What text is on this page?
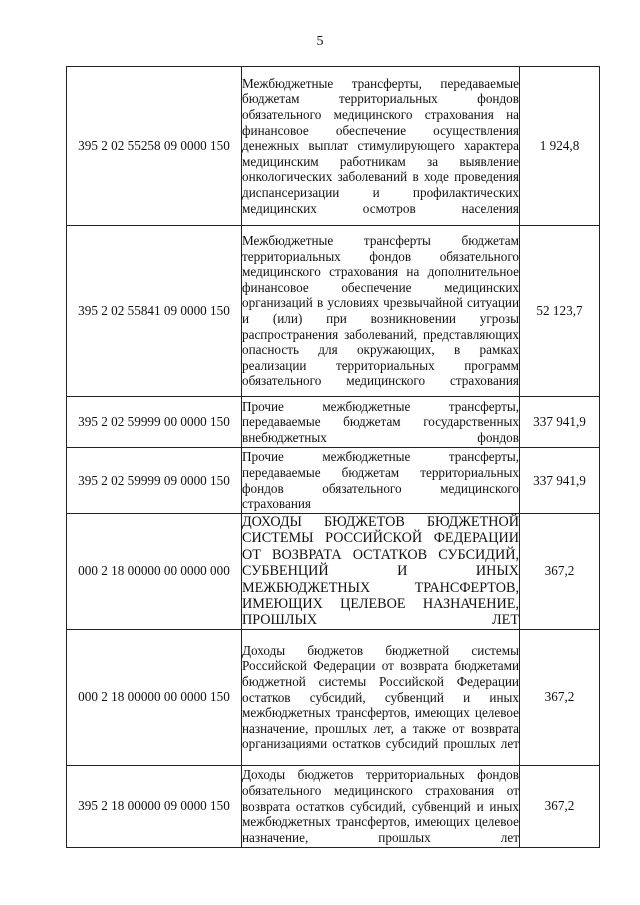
5
395 2 02 55258 09 0000 150	Межбюджетные трансферты, передаваемые бюджетам территориальных фондов обязательного медицинского страхования на финансовое обеспечение осуществления денежных выплат стимулирующего характера медицинским работникам за выявление онкологических заболеваний в ходе проведения диспансеризации и профилактических медицинских осмотров населения	1 924,8
395 2 02 55841 09 0000 150	Межбюджетные трансферты бюджетам территориальных фондов обязательного медицинского страхования на дополнительное финансовое обеспечение медицинских организаций в условиях чрезвычайной ситуации и (или) при возникновении угрозы распространения заболеваний, представляющих опасность для окружающих, в рамках реализации территориальных программ обязательного медицинского страхования	52 123,7
395 2 02 59999 00 0000 150	Прочие межбюджетные трансферты, передаваемые бюджетам государственных внебюджетных фондов	337 941,9
395 2 02 59999 09 0000 150	Прочие межбюджетные трансферты, передаваемые бюджетам территориальных фондов обязательного медицинского страхования	337 941,9
000 2 18 00000 00 0000 000	ДОХОДЫ БЮДЖЕТОВ БЮДЖЕТНОЙ СИСТЕМЫ РОССИЙСКОЙ ФЕДЕРАЦИИ ОТ ВОЗВРАТА ОСТАТКОВ СУБСИДИЙ, СУБВЕНЦИЙ И ИНЫХ МЕЖБЮДЖЕТНЫХ ТРАНСФЕРТОВ, ИМЕЮЩИХ ЦЕЛЕВОЕ НАЗНАЧЕНИЕ, ПРОШЛЫХ ЛЕТ	367,2
000 2 18 00000 00 0000 150	Доходы бюджетов бюджетной системы Российской Федерации от возврата бюджетами бюджетной системы Российской Федерации остатков субсидий, субвенций и иных межбюджетных трансфертов, имеющих целевое назначение, прошлых лет, а также от возврата организациями остатков субсидий прошлых лет	367,2
395 2 18 00000 09 0000 150	Доходы бюджетов территориальных фондов обязательного медицинского страхования от возврата остатков субсидий, субвенций и иных межбюджетных трансфертов, имеющих целевое назначение, прошлых лет	367,2
